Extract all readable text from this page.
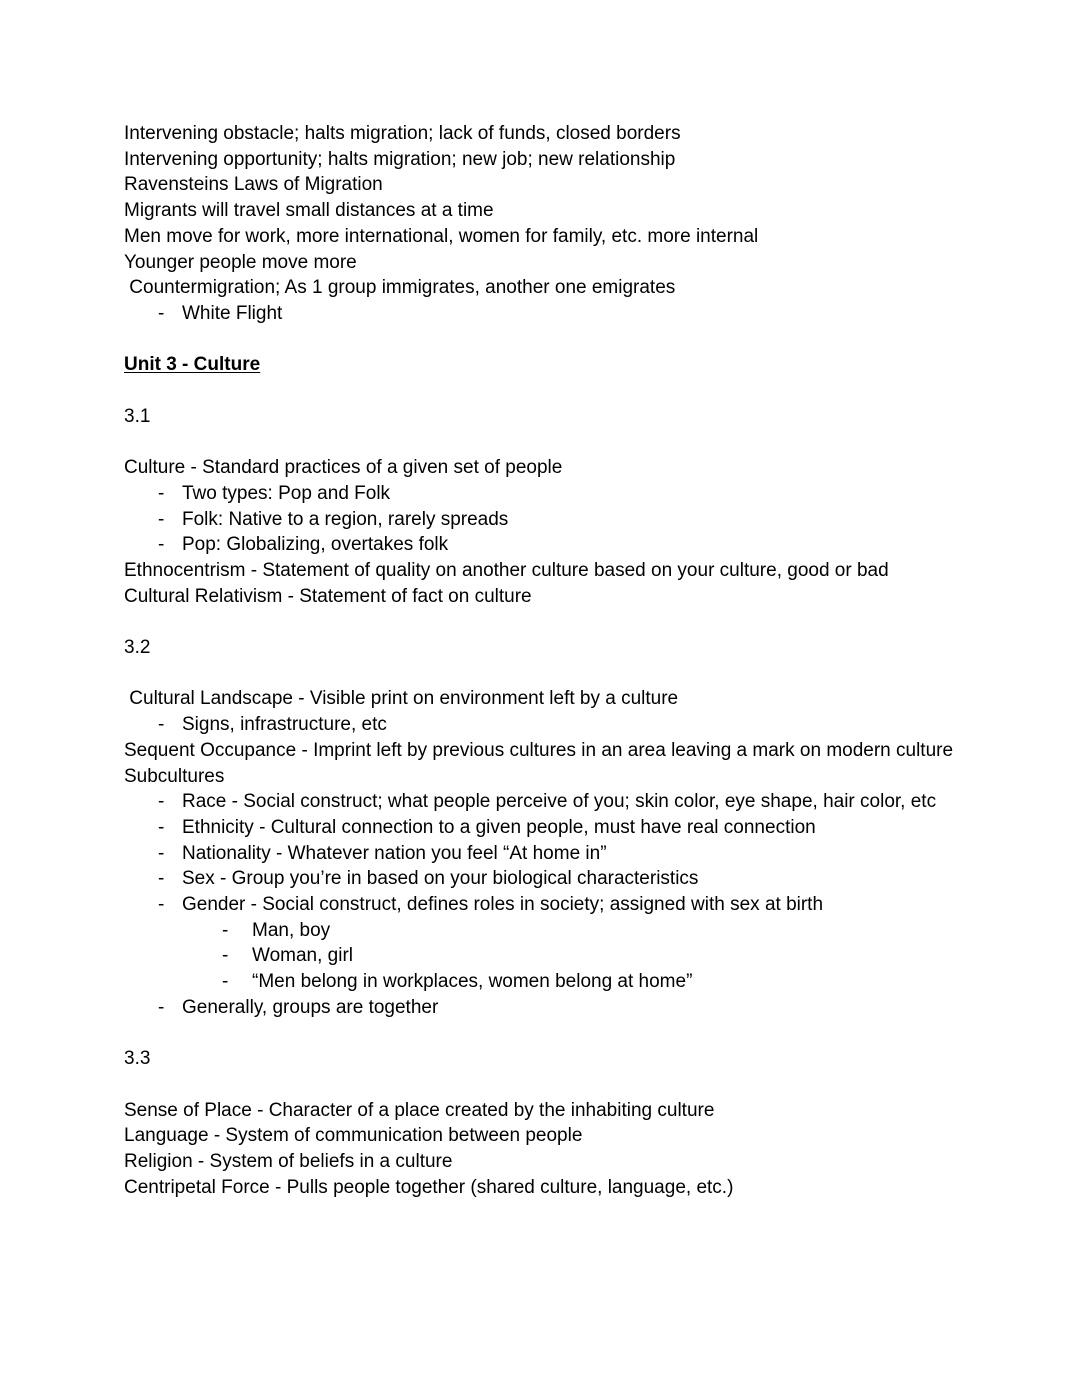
Intervening obstacle; halts migration; lack of funds, closed borders
Intervening opportunity; halts migration; new job; new relationship
Ravensteins Laws of Migration
Migrants will travel small distances at a time
Men move for work, more international, women for family, etc. more internal
Younger people move more
Countermigration; As 1 group immigrates, another one emigrates
- White Flight

Unit 3 - Culture

3.1

Culture - Standard practices of a given set of people
- Two types: Pop and Folk
- Folk: Native to a region, rarely spreads
- Pop: Globalizing, overtakes folk
Ethnocentrism - Statement of quality on another culture based on your culture, good or bad
Cultural Relativism - Statement of fact on culture

3.2

Cultural Landscape - Visible print on environment left by a culture
- Signs, infrastructure, etc
Sequent Occupance - Imprint left by previous cultures in an area leaving a mark on modern culture
Subcultures
- Race - Social construct; what people perceive of you; skin color, eye shape, hair color, etc
- Ethnicity - Cultural connection to a given people, must have real connection
- Nationality - Whatever nation you feel “At home in”
- Sex - Group you’re in based on your biological characteristics
- Gender - Social construct, defines roles in society; assigned with sex at birth
-	Man, boy
-	Woman, girl
-	“Men belong in workplaces, women belong at home”
- Generally, groups are together

3.3

Sense of Place - Character of a place created by the inhabiting culture
Language - System of communication between people
Religion - System of beliefs in a culture
Centripetal Force - Pulls people together (shared culture, language, etc.)
